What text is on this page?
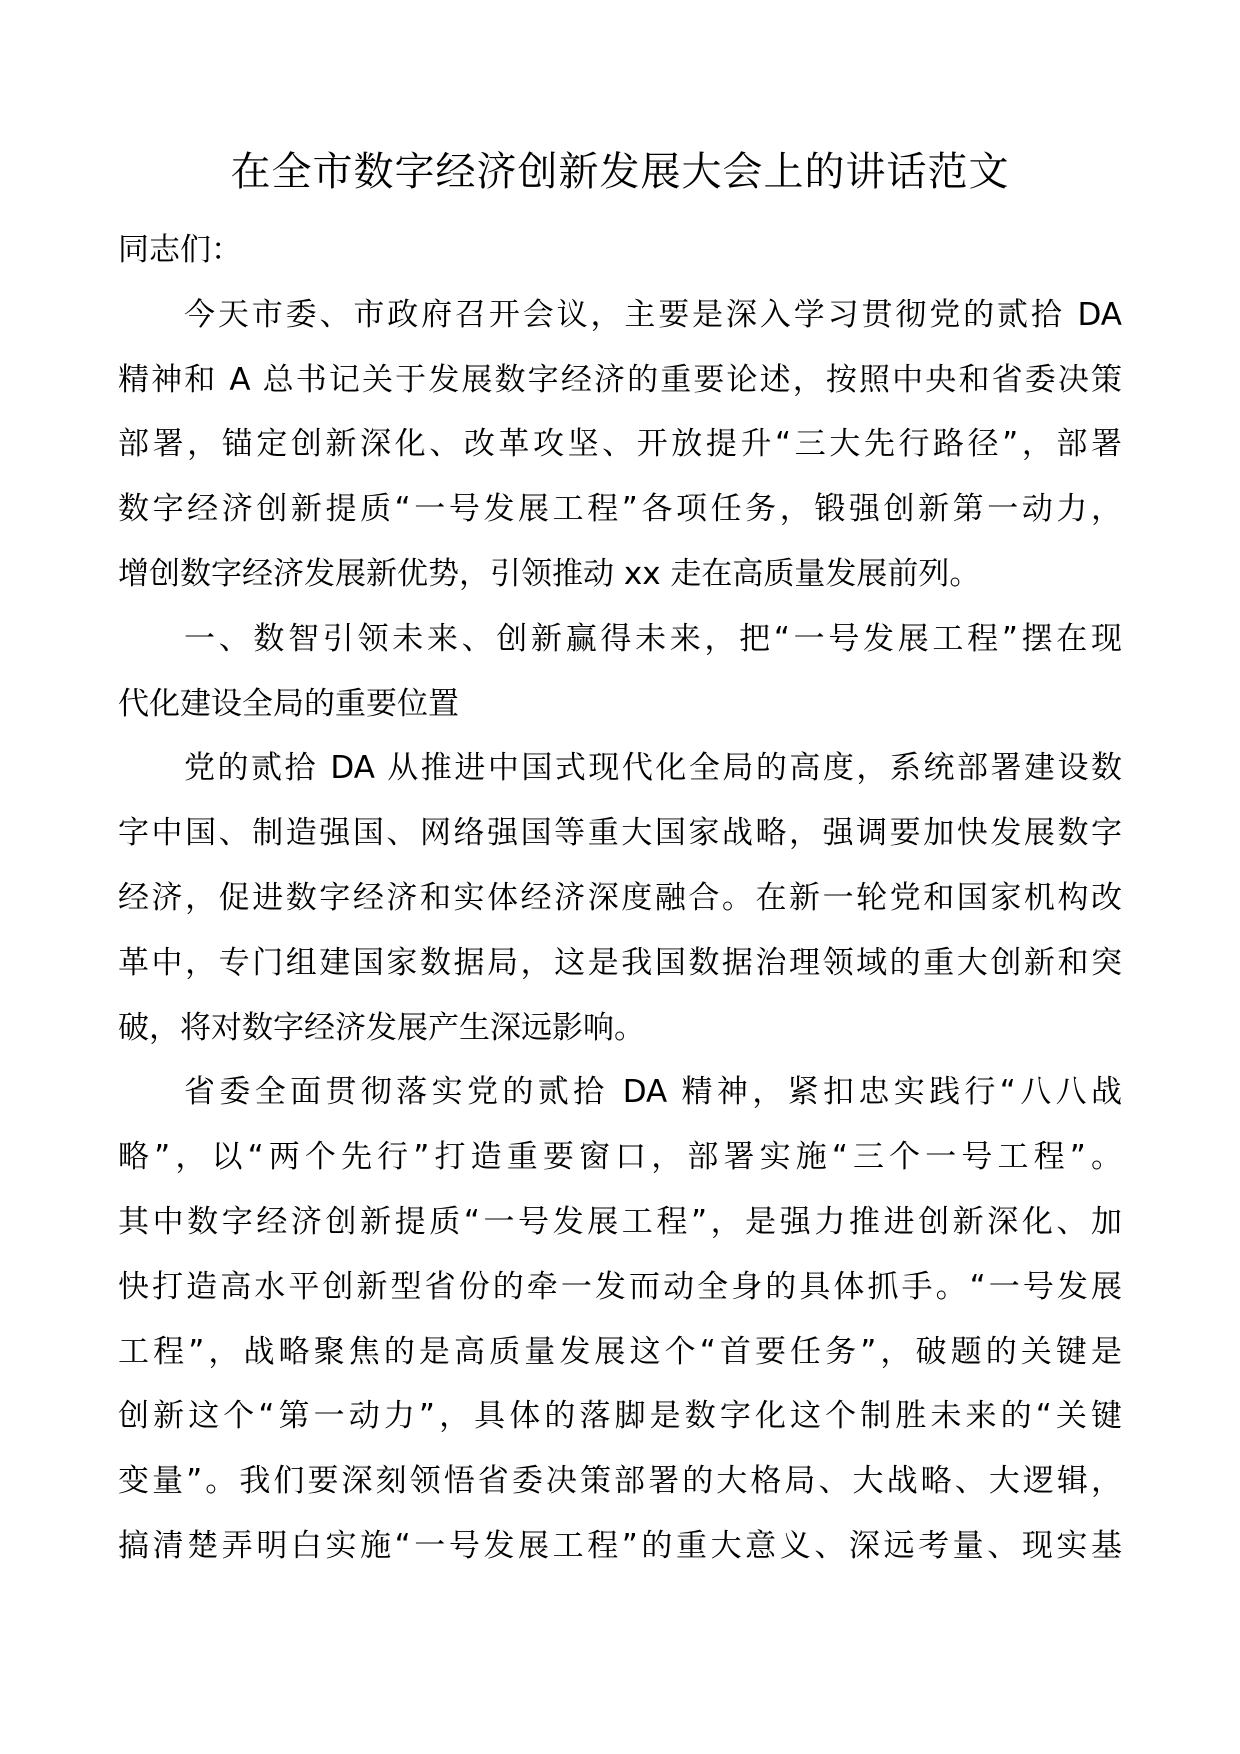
在全市数字经济创新发展大会上的讲话范文
同志们：
今天市委、市政府召开会议，主要是深入学习贯彻党的贰拾 DA
精神和 A 总书记关于发展数字经济的重要论述，按照中央和省委决策
部署，锚定创新深化、改革攻坚、开放提升“三大先行路径”，部署
数字经济创新提质“一号发展工程”各项任务，锻强创新第一动力，
增创数字经济发展新优势，引领推动 xx 走在高质量发展前列。
一、数智引领未来、创新赢得未来，把“一号发展工程”摆在现
代化建设全局的重要位置
党的贰拾 DA 从推进中国式现代化全局的高度，系统部署建设数
字中国、制造强国、网络强国等重大国家战略，强调要加快发展数字
经济，促进数字经济和实体经济深度融合。在新一轮党和国家机构改
革中，专门组建国家数据局，这是我国数据治理领域的重大创新和突
破，将对数字经济发展产生深远影响。
省委全面贯彻落实党的贰拾 DA 精神，紧扣忠实践行“八八战
略”，以“两个先行”打造重要窗口，部署实施“三个一号工程”。
其中数字经济创新提质“一号发展工程”，是强力推进创新深化、加
快打造高水平创新型省份的牵一发而动全身的具体抓手。“一号发展
工程”，战略聚焦的是高质量发展这个“首要任务”，破题的关键是
创新这个“第一动力”，具体的落脚是数字化这个制胜未来的“关键
变量”。我们要深刻领悟省委决策部署的大格局、大战略、大逻辑，
搞清楚弄明白实施“一号发展工程”的重大意义、深远考量、现实基
